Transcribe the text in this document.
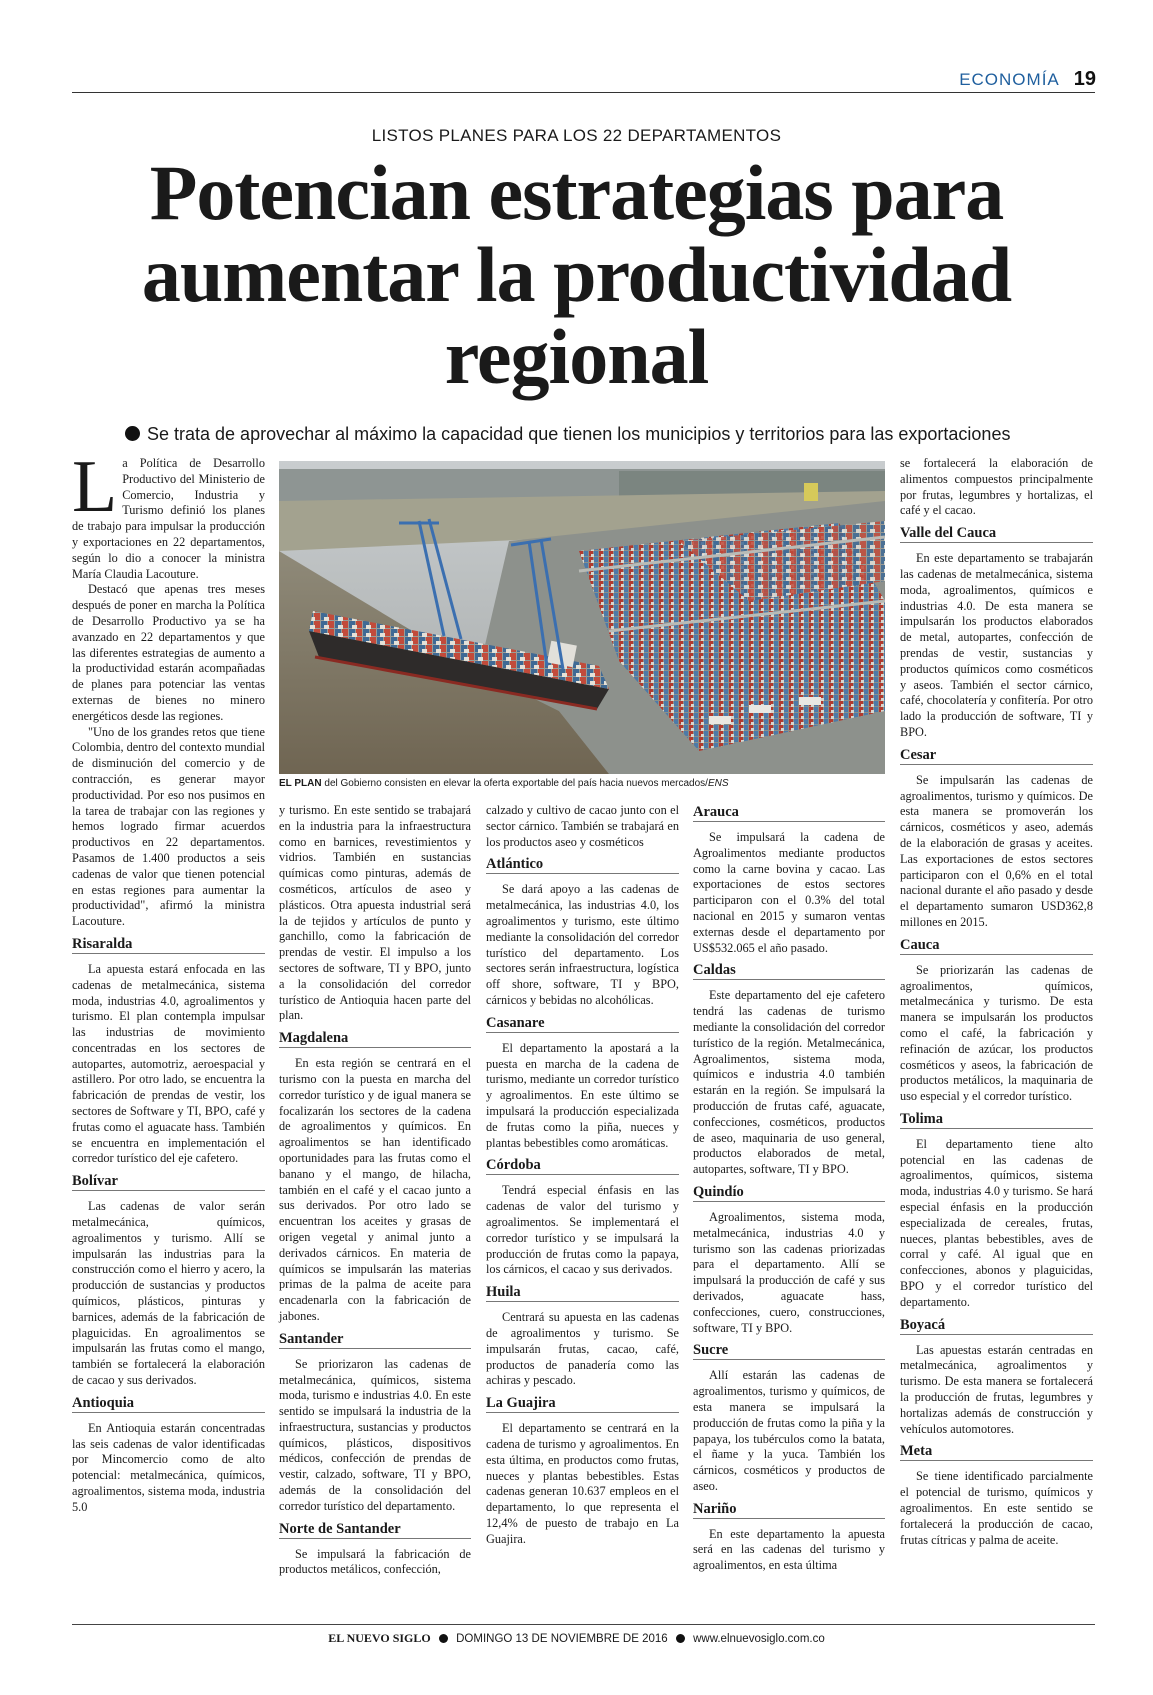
ECONOMÍA 19
LISTOS PLANES PARA LOS 22 DEPARTAMENTOS
Potencian estrategias para aumentar la productividad regional
Se trata de aprovechar al máximo la capacidad que tienen los municipios y territorios para las exportaciones

La Política de Desarrollo Productivo del Ministerio de Comercio, Industria y Turismo definió los planes de trabajo para impulsar la producción y exportaciones en 22 departamentos, según lo dio a conocer la ministra María Claudia Lacouture.

Destacó que apenas tres meses después de poner en marcha la Política de Desarrollo Productivo ya se ha avanzado en 22 departamentos y que las diferentes estrategias de aumento a la productividad estarán acompañadas de planes para potenciar las ventas externas de bienes no minero energéticos desde las regiones.

"Uno de los grandes retos que tiene Colombia, dentro del contexto mundial de disminución del comercio y de contracción, es generar mayor productividad. Por eso nos pusimos en la tarea de trabajar con las regiones y hemos logrado firmar acuerdos productivos en 22 departamentos. Pasamos de 1.400 productos a seis cadenas de valor que tienen potencial en estas regiones para aumentar la productividad", afirmó la ministra Lacouture.

Risaralda

La apuesta estará enfocada en las cadenas de metalmecánica, sistema moda, industrias 4.0, agroalimentos y turismo. El plan contempla impulsar las industrias de movimiento concentradas en los sectores de autopartes, automotriz, aeroespacial y astillero. Por otro lado, se encuentra la fabricación de prendas de vestir, los sectores de Software y TI, BPO, café y frutas como el aguacate hass. También se encuentra en implementación el corredor turístico del eje cafetero.

Bolívar

Las cadenas de valor serán metalmecánica, químicos, agroalimentos y turismo. Allí se impulsarán las industrias para la construcción como el hierro y acero, la producción de sustancias y productos químicos, plásticos, pinturas y barnices, además de la fabricación de plaguicidas. En agroalimentos se impulsarán las frutas como el mango, también se fortalecerá la elaboración de cacao y sus derivados.

Antioquia

En Antioquia estarán concentradas las seis cadenas de valor identificadas por Mincomercio como de alto potencial: metalmecánica, químicos, agroalimentos, sistema moda, industria 5.0

EL PLAN del Gobierno consisten en elevar la oferta exportable del país hacia nuevos mercados/ENS

y turismo. En este sentido se trabajará en la industria para la infraestructura como en barnices, revestimientos y vidrios. También en sustancias químicas como pinturas, además de cosméticos, artículos de aseo y plásticos. Otra apuesta industrial será la de tejidos y artículos de punto y ganchillo, como la fabricación de prendas de vestir. El impulso a los sectores de software, TI y BPO, junto a la consolidación del corredor turístico de Antioquia hacen parte del plan.

Magdalena

En esta región se centrará en el turismo con la puesta en marcha del corredor turístico y de igual manera se focalizarán los sectores de la cadena de agroalimentos y químicos. En agroalimentos se han identificado oportunidades para las frutas como el banano y el mango, de hilacha, también en el café y el cacao junto a sus derivados. Por otro lado se encuentran los aceites y grasas de origen vegetal y animal junto a derivados cárnicos. En materia de químicos se impulsarán las materias primas de la palma de aceite para encadenarla con la fabricación de jabones.

Santander

Se priorizaron las cadenas de metalmecánica, químicos, sistema moda, turismo e industrias 4.0. En este sentido se impulsará la industria de la infraestructura, sustancias y productos químicos, plásticos, dispositivos médicos, confección de prendas de vestir, calzado, software, TI y BPO, además de la consolidación del corredor turístico del departamento.

Norte de Santander

Se impulsará la fabricación de productos metálicos, confección,

calzado y cultivo de cacao junto con el sector cárnico. También se trabajará en los productos aseo y cosméticos

Atlántico

Se dará apoyo a las cadenas de metalmecánica, las industrias 4.0, los agroalimentos y turismo, este último mediante la consolidación del corredor turístico del departamento. Los sectores serán infraestructura, logística off shore, software, TI y BPO, cárnicos y bebidas no alcohólicas.

Casanare

El departamento la apostará a la puesta en marcha de la cadena de turismo, mediante un corredor turístico y agroalimentos. En este último se impulsará la producción especializada de frutas como la piña, nueces y plantas bebestibles como aromáticas.

Córdoba

Tendrá especial énfasis en las cadenas de valor del turismo y agroalimentos. Se implementará el corredor turístico y se impulsará la producción de frutas como la papaya, los cárnicos, el cacao y sus derivados.

Huila

Centrará su apuesta en las cadenas de agroalimentos y turismo. Se impulsarán frutas, cacao, café, productos de panadería como las achiras y pescado.

La Guajira

El departamento se centrará en la cadena de turismo y agroalimentos. En esta última, en productos como frutas, nueces y plantas bebestibles. Estas cadenas generan 10.637 empleos en el departamento, lo que representa el 12,4% de puesto de trabajo en La Guajira.

Arauca

Se impulsará la cadena de Agroalimentos mediante productos como la carne bovina y cacao. Las exportaciones de estos sectores participaron con el 0.3% del total nacional en 2015 y sumaron ventas externas desde el departamento por US$532.065 el año pasado.

Caldas

Este departamento del eje cafetero tendrá las cadenas de turismo mediante la consolidación del corredor turístico de la región. Metalmecánica, Agroalimentos, sistema moda, químicos e industria 4.0 también estarán en la región. Se impulsará la producción de frutas café, aguacate, confecciones, cosméticos, productos de aseo, maquinaria de uso general, productos elaborados de metal, autopartes, software, TI y BPO.

Quindío

Agroalimentos, sistema moda, metalmecánica, industrias 4.0 y turismo son las cadenas priorizadas para el departamento. Allí se impulsará la producción de café y sus derivados, aguacate hass, confecciones, cuero, construcciones, software, TI y BPO.

Sucre

Allí estarán las cadenas de agroalimentos, turismo y químicos, de esta manera se impulsará la producción de frutas como la piña y la papaya, los tubérculos como la batata, el ñame y la yuca. También los cárnicos, cosméticos y productos de aseo.

Nariño

En este departamento la apuesta será en las cadenas del turismo y agroalimentos, en esta última

se fortalecerá la elaboración de alimentos compuestos principalmente por frutas, legumbres y hortalizas, el café y el cacao.

Valle del Cauca

En este departamento se trabajarán las cadenas de metalmecánica, sistema moda, agroalimentos, químicos e industrias 4.0. De esta manera se impulsarán los productos elaborados de metal, autopartes, confección de prendas de vestir, sustancias y productos químicos como cosméticos y aseos. También el sector cárnico, café, chocolatería y confitería. Por otro lado la producción de software, TI y BPO.

Cesar

Se impulsarán las cadenas de agroalimentos, turismo y químicos. De esta manera se promoverán los cárnicos, cosméticos y aseo, además de la elaboración de grasas y aceites. Las exportaciones de estos sectores participaron con el 0,6% en el total nacional durante el año pasado y desde el departamento sumaron USD362,8 millones en 2015.

Cauca

Se priorizarán las cadenas de agroalimentos, químicos, metalmecánica y turismo. De esta manera se impulsarán los productos como el café, la fabricación y refinación de azúcar, los productos cosméticos y aseos, la fabricación de productos metálicos, la maquinaria de uso especial y el corredor turístico.

Tolima

El departamento tiene alto potencial en las cadenas de agroalimentos, químicos, sistema moda, industrias 4.0 y turismo. Se hará especial énfasis en la producción especializada de cereales, frutas, nueces, plantas bebestibles, aves de corral y café. Al igual que en confecciones, abonos y plaguicidas, BPO y el corredor turístico del departamento.

Boyacá

Las apuestas estarán centradas en metalmecánica, agroalimentos y turismo. De esta manera se fortalecerá la producción de frutas, legumbres y hortalizas además de construcción y vehículos automotores.

Meta

Se tiene identificado parcialmente el potencial de turismo, químicos y agroalimentos. En este sentido se fortalecerá la producción de cacao, frutas cítricas y palma de aceite.

EL NUEVO SIGLO DOMINGO 13 DE NOVIEMBRE DE 2016 www.elnuevosiglo.com.co
